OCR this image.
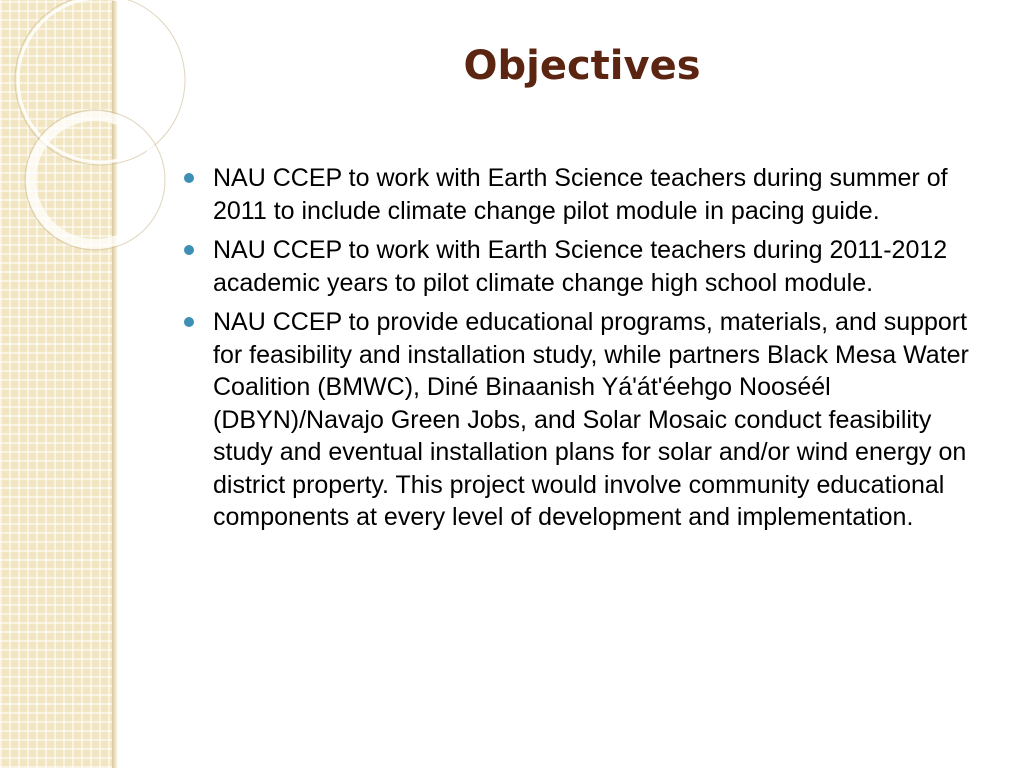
Objectives
NAU CCEP to work with Earth Science teachers during summer of 2011 to include climate change pilot module in pacing guide.
NAU CCEP to work with Earth Science teachers during 2011-2012 academic years to pilot climate change high school module.
NAU CCEP to provide educational programs, materials, and support for feasibility and installation study, while partners Black Mesa Water Coalition (BMWC), Diné Binaanish Yá'át'éehgo Nooséél (DBYN)/Navajo Green Jobs, and Solar Mosaic conduct feasibility study and eventual installation plans for solar and/or wind energy on district property. This project would involve community educational components at every level of development and implementation.
